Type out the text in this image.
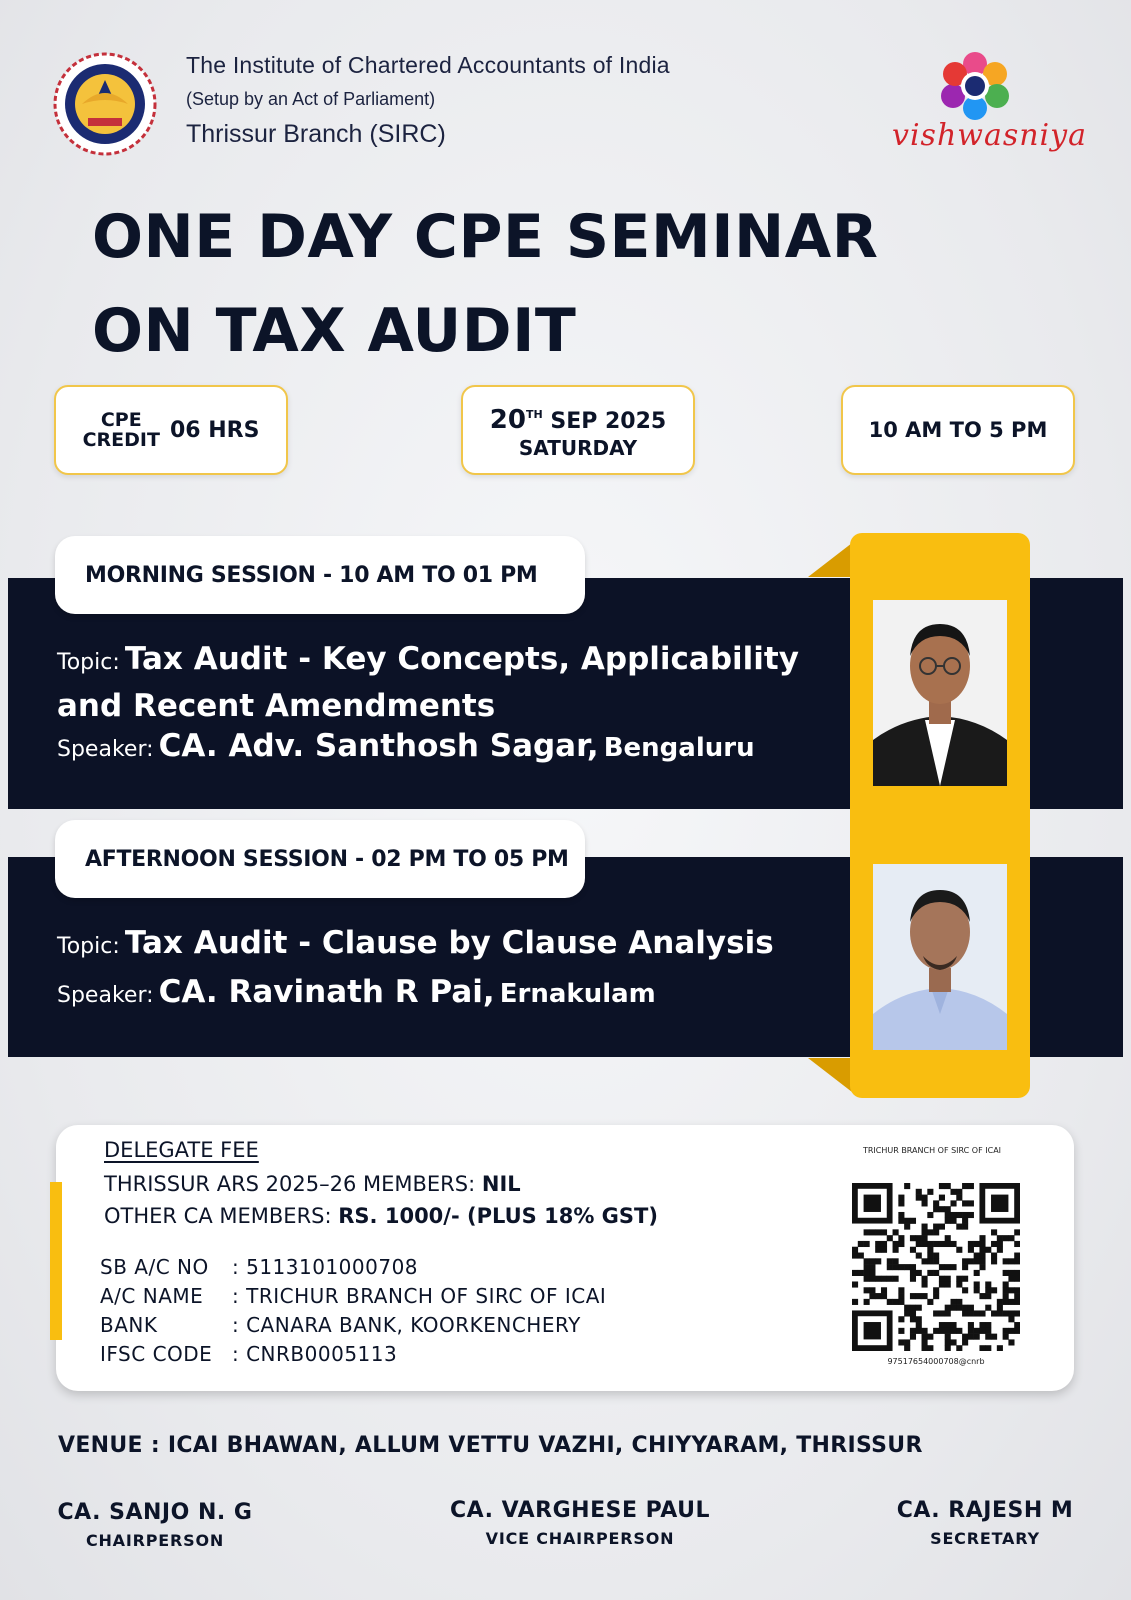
The Institute of Chartered Accountants of India
(Setup by an Act of Parliament)
Thrissur Branch (SIRC)	vishwasniya
ONE DAY CPE SEMINAR
ON TAX AUDIT
CPE
CREDIT 06 HRS	20TH SEP 2025
SATURDAY
10 AM TO 5 PM
MORNING SESSION - 10 AM TO 01 PM
AFTERNOON SESSION - 02 PM TO 05 PM
Topic: Tax Audit - Key Concepts, Applicability
and Recent Amendments
Speaker: CA. Adv. Santhosh Sagar, Bengaluru
Topic: Tax Audit - Clause by Clause Analysis
Speaker: CA. Ravinath R Pai, Ernakulam
DELEGATE FEE
THRISSUR ARS 2025–26 MEMBERS: NIL
OTHER CA MEMBERS: RS. 1000/- (PLUS 18% GST)
SB A/C NO : 5113101000708
A/C NAME : TRICHUR BRANCH OF SIRC OF ICAI
BANK	: CANARA BANK, KOORKENCHERY
IFSC CODE : CNRB0005113
TRICHUR BRANCH OF SIRC OF ICAI
97517654000708@cnrb
VENUE : ICAI BHAWAN, ALLUM VETTU VAZHI, CHIYYARAM, THRISSUR
CA. SANJO N. G
CHAIRPERSON
CA. VARGHESE PAUL
VICE CHAIRPERSON
CA. RAJESH M
SECRETARY
